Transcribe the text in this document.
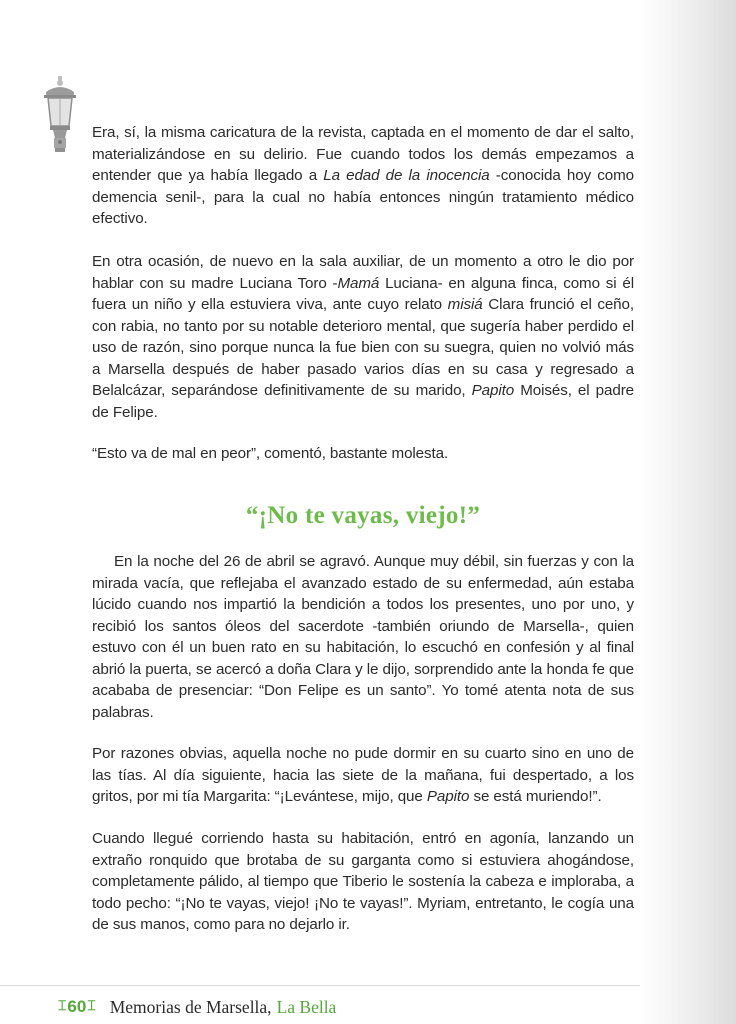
Era, sí, la misma caricatura de la revista, captada en el momento de dar el salto, materializándose en su delirio. Fue cuando todos los demás empezamos a entender que ya había llegado a La edad de la inocencia -conocida hoy como demencia senil-, para la cual no había entonces ningún tratamiento médico efectivo.

En otra ocasión, de nuevo en la sala auxiliar, de un momento a otro le dio por hablar con su madre Luciana Toro -Mamá Luciana- en alguna finca, como si él fuera un niño y ella estuviera viva, ante cuyo relato misiá Clara frunció el ceño, con rabia, no tanto por su notable deterioro mental, que sugería haber perdido el uso de razón, sino porque nunca la fue bien con su suegra, quien no volvió más a Marsella después de haber pasado varios días en su casa y regresado a Belalcázar, separándose definitivamente de su marido, Papito Moisés, el padre de Felipe.

“Esto va de mal en peor”, comentó, bastante molesta.

“¡No te vayas, viejo!”

En la noche del 26 de abril se agravó. Aunque muy débil, sin fuerzas y con la mirada vacía, que reflejaba el avanzado estado de su enfermedad, aún estaba lúcido cuando nos impartió la bendición a todos los presentes, uno por uno, y recibió los santos óleos del sacerdote -también oriundo de Marsella-, quien estuvo con él un buen rato en su habitación, lo escuchó en confesión y al final abrió la puerta, se acercó a doña Clara y le dijo, sorprendido ante la honda fe que acababa de presenciar: “Don Felipe es un santo”. Yo tomé atenta nota de sus palabras.

Por razones obvias, aquella noche no pude dormir en su cuarto sino en uno de las tías. Al día siguiente, hacia las siete de la mañana, fui despertado, a los gritos, por mi tía Margarita: “¡Levántese, mijo, que Papito se está muriendo!”.

Cuando llegué corriendo hasta su habitación, entró en agonía, lanzando un extraño ronquido que brotaba de su garganta como si estuviera ahogándose, completamente pálido, al tiempo que Tiberio le sostenía la cabeza e imploraba, a todo pecho: “¡No te vayas, viejo! ¡No te vayas!”. Myriam, entretanto, le cogía una de sus manos, como para no dejarlo ir.

⌶ 60 ⌶ Memorias de Marsella, La Bella
